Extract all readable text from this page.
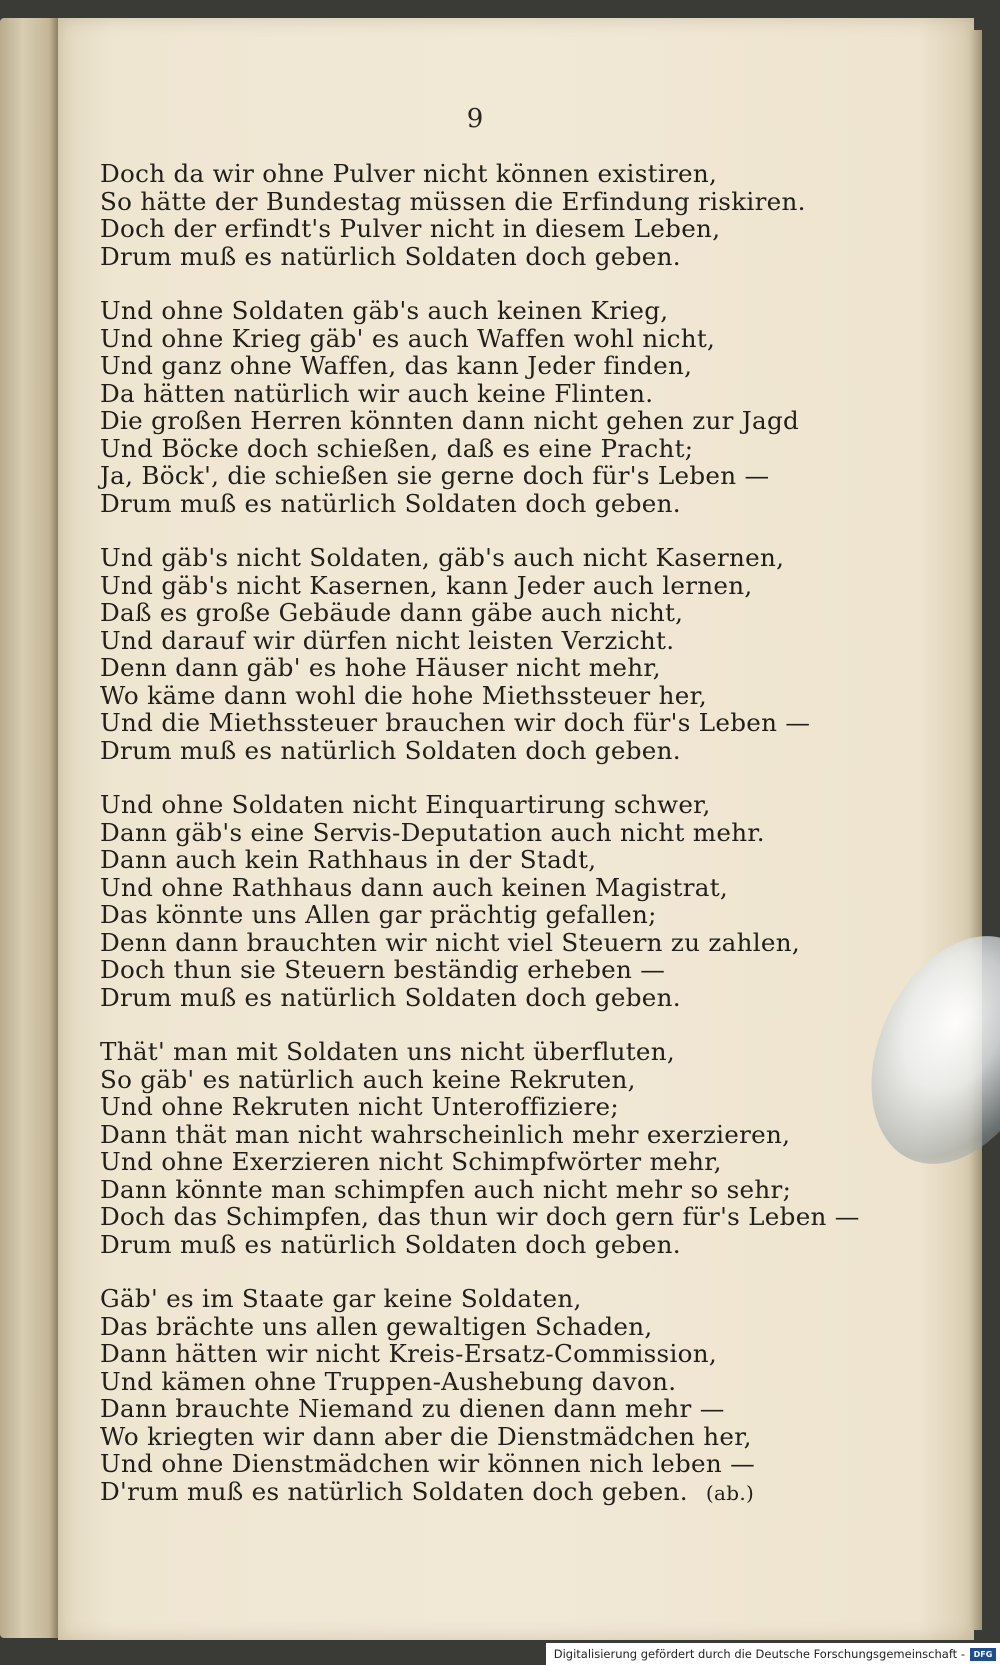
9
Doch da wir ohne Pulver nicht können existiren,
So hätte der Bundestag müssen die Erfindung riskiren.
Doch der erfindt's Pulver nicht in diesem Leben,
Drum muß es natürlich Soldaten doch geben.
Und ohne Soldaten gäb's auch keinen Krieg,
Und ohne Krieg gäb' es auch Waffen wohl nicht,
Und ganz ohne Waffen, das kann Jeder finden,
Da hätten natürlich wir auch keine Flinten.
Die großen Herren könnten dann nicht gehen zur Jagd
Und Böcke doch schießen, daß es eine Pracht;
Ja, Böck', die schießen sie gerne doch für's Leben —
Drum muß es natürlich Soldaten doch geben.
Und gäb's nicht Soldaten, gäb's auch nicht Kasernen,
Und gäb's nicht Kasernen, kann Jeder auch lernen,
Daß es große Gebäude dann gäbe auch nicht,
Und darauf wir dürfen nicht leisten Verzicht.
Denn dann gäb' es hohe Häuser nicht mehr,
Wo käme dann wohl die hohe Miethssteuer her,
Und die Miethssteuer brauchen wir doch für's Leben —
Drum muß es natürlich Soldaten doch geben.
Und ohne Soldaten nicht Einquartirung schwer,
Dann gäb's eine Servis-Deputation auch nicht mehr.
Dann auch kein Rathhaus in der Stadt,
Und ohne Rathhaus dann auch keinen Magistrat,
Das könnte uns Allen gar prächtig gefallen;
Denn dann brauchten wir nicht viel Steuern zu zahlen,
Doch thun sie Steuern beständig erheben —
Drum muß es natürlich Soldaten doch geben.
Thät' man mit Soldaten uns nicht überfluten,
So gäb' es natürlich auch keine Rekruten,
Und ohne Rekruten nicht Unteroffiziere;
Dann thät man nicht wahrscheinlich mehr exerzieren,
Und ohne Exerzieren nicht Schimpfwörter mehr,
Dann könnte man schimpfen auch nicht mehr so sehr;
Doch das Schimpfen, das thun wir doch gern für's Leben —
Drum muß es natürlich Soldaten doch geben.
Gäb' es im Staate gar keine Soldaten,
Das brächte uns allen gewaltigen Schaden,
Dann hätten wir nicht Kreis-Ersatz-Commission,
Und kämen ohne Truppen-Aushebung davon.
Dann brauchte Niemand zu dienen dann mehr —
Wo kriegten wir dann aber die Dienstmädchen her,
Und ohne Dienstmädchen wir können nich leben —
D'rum muß es natürlich Soldaten doch geben. (ab.)
Digitalisierung gefördert durch die Deutsche Forschungsgemeinschaft -	DFG
